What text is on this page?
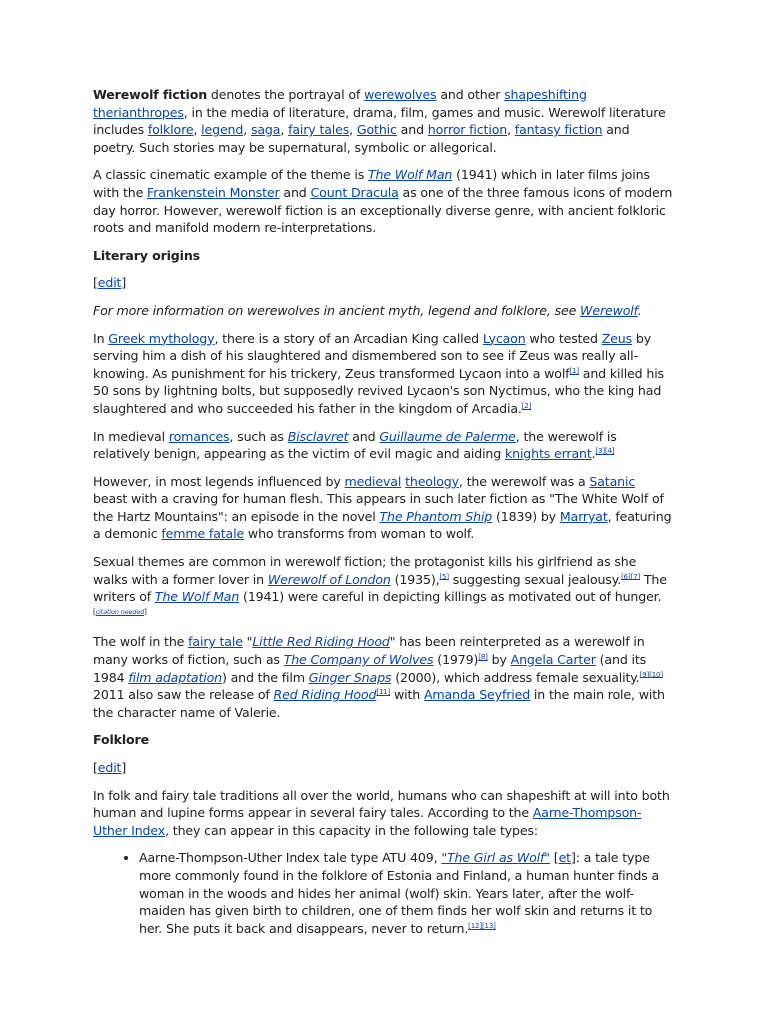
Werewolf fiction denotes the portrayal of werewolves and other shapeshifting therianthropes, in the media of literature, drama, film, games and music. Werewolf literature includes folklore, legend, saga, fairy tales, Gothic and horror fiction, fantasy fiction and poetry. Such stories may be supernatural, symbolic or allegorical.

A classic cinematic example of the theme is The Wolf Man (1941) which in later films joins with the Frankenstein Monster and Count Dracula as one of the three famous icons of modern day horror. However, werewolf fiction is an exceptionally diverse genre, with ancient folkloric roots and manifold modern re-interpretations.

Literary origins

[edit]

For more information on werewolves in ancient myth, legend and folklore, see Werewolf.

In Greek mythology, there is a story of an Arcadian King called Lycaon who tested Zeus by serving him a dish of his slaughtered and dismembered son to see if Zeus was really all-knowing. As punishment for his trickery, Zeus transformed Lycaon into a wolf[1] and killed his 50 sons by lightning bolts, but supposedly revived Lycaon's son Nyctimus, who the king had slaughtered and who succeeded his father in the kingdom of Arcadia.[2]

In medieval romances, such as Bisclavret and Guillaume de Palerme, the werewolf is relatively benign, appearing as the victim of evil magic and aiding knights errant.[3][4]

However, in most legends influenced by medieval theology, the werewolf was a Satanic beast with a craving for human flesh. This appears in such later fiction as "The White Wolf of the Hartz Mountains": an episode in the novel The Phantom Ship (1839) by Marryat, featuring a demonic femme fatale who transforms from woman to wolf.

Sexual themes are common in werewolf fiction; the protagonist kills his girlfriend as she walks with a former lover in Werewolf of London (1935),[5] suggesting sexual jealousy.[6][7] The writers of The Wolf Man (1941) were careful in depicting killings as motivated out of hunger.[citation needed]

The wolf in the fairy tale "Little Red Riding Hood" has been reinterpreted as a werewolf in many works of fiction, such as The Company of Wolves (1979)[8] by Angela Carter (and its 1984 film adaptation) and the film Ginger Snaps (2000), which address female sexuality.[9][10] 2011 also saw the release of Red Riding Hood[11] with Amanda Seyfried in the main role, with the character name of Valerie.

Folklore

[edit]

In folk and fairy tale traditions all over the world, humans who can shapeshift at will into both human and lupine forms appear in several fairy tales. According to the Aarne-Thompson-Uther Index, they can appear in this capacity in the following tale types:

• Aarne-Thompson-Uther Index tale type ATU 409, "The Girl as Wolf" [et]: a tale type more commonly found in the folklore of Estonia and Finland, a human hunter finds a woman in the woods and hides her animal (wolf) skin. Years later, after the wolf-maiden has given birth to children, one of them finds her wolf skin and returns it to her. She puts it back and disappears, never to return.[12][13]
